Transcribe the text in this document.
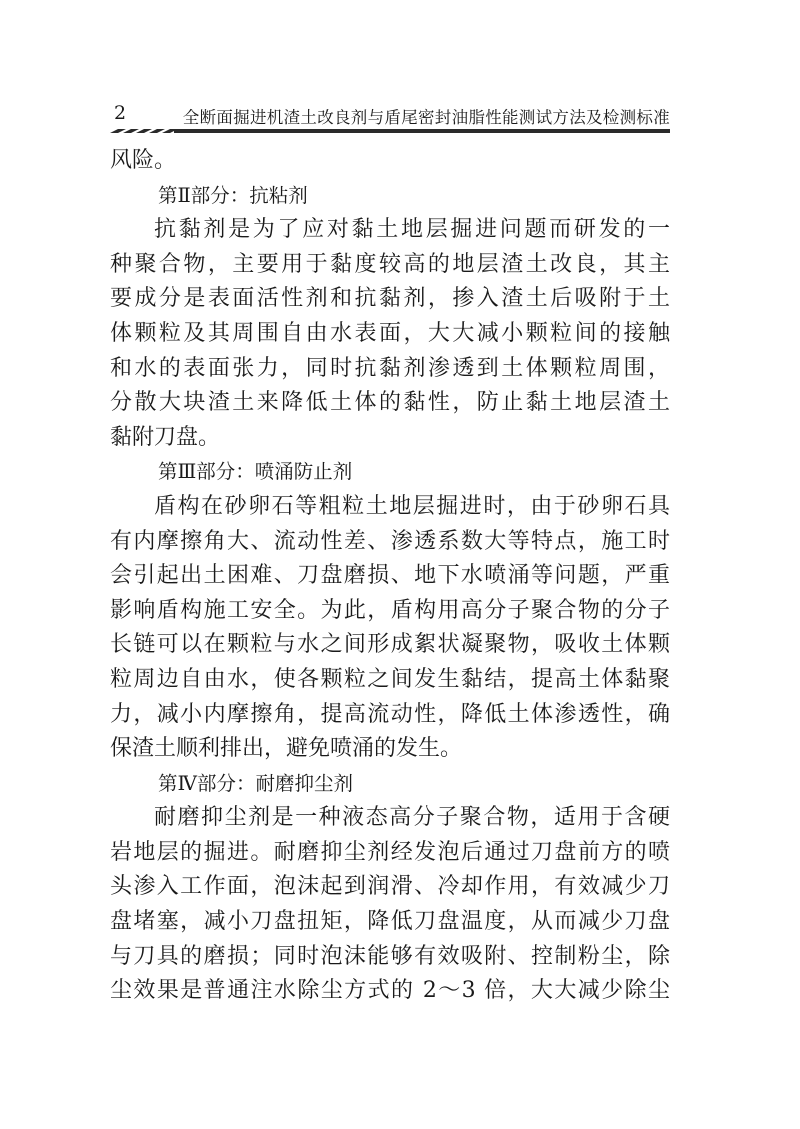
2	全断面掘进机渣土改良剂与盾尾密封油脂性能测试方法及检测标准
风险。
第Ⅱ部分：抗粘剂
抗黏剂是为了应对黏土地层掘进问题而研发的一
种聚合物，主要用于黏度较高的地层渣土改良，其主
要成分是表面活性剂和抗黏剂，掺入渣土后吸附于土
体颗粒及其周围自由水表面，大大减小颗粒间的接触
和水的表面张力，同时抗黏剂渗透到土体颗粒周围，
分散大块渣土来降低土体的黏性，防止黏土地层渣土
黏附刀盘。
第Ⅲ部分：喷涌防止剂
盾构在砂卵石等粗粒土地层掘进时，由于砂卵石具
有内摩擦角大、流动性差、渗透系数大等特点，施工时
会引起出土困难、刀盘磨损、地下水喷涌等问题，严重
影响盾构施工安全。为此，盾构用高分子聚合物的分子
长链可以在颗粒与水之间形成絮状凝聚物，吸收土体颗
粒周边自由水，使各颗粒之间发生黏结，提高土体黏聚
力，减小内摩擦角，提高流动性，降低土体渗透性，确
保渣土顺利排出，避免喷涌的发生。
第Ⅳ部分：耐磨抑尘剂
耐磨抑尘剂是一种液态高分子聚合物，适用于含硬
岩地层的掘进。耐磨抑尘剂经发泡后通过刀盘前方的喷
头渗入工作面，泡沫起到润滑、冷却作用，有效减少刀
盘堵塞，减小刀盘扭矩，降低刀盘温度，从而减少刀盘
与刀具的磨损；同时泡沫能够有效吸附、控制粉尘，除
尘效果是普通注水除尘方式的 2～3 倍，大大减少除尘
